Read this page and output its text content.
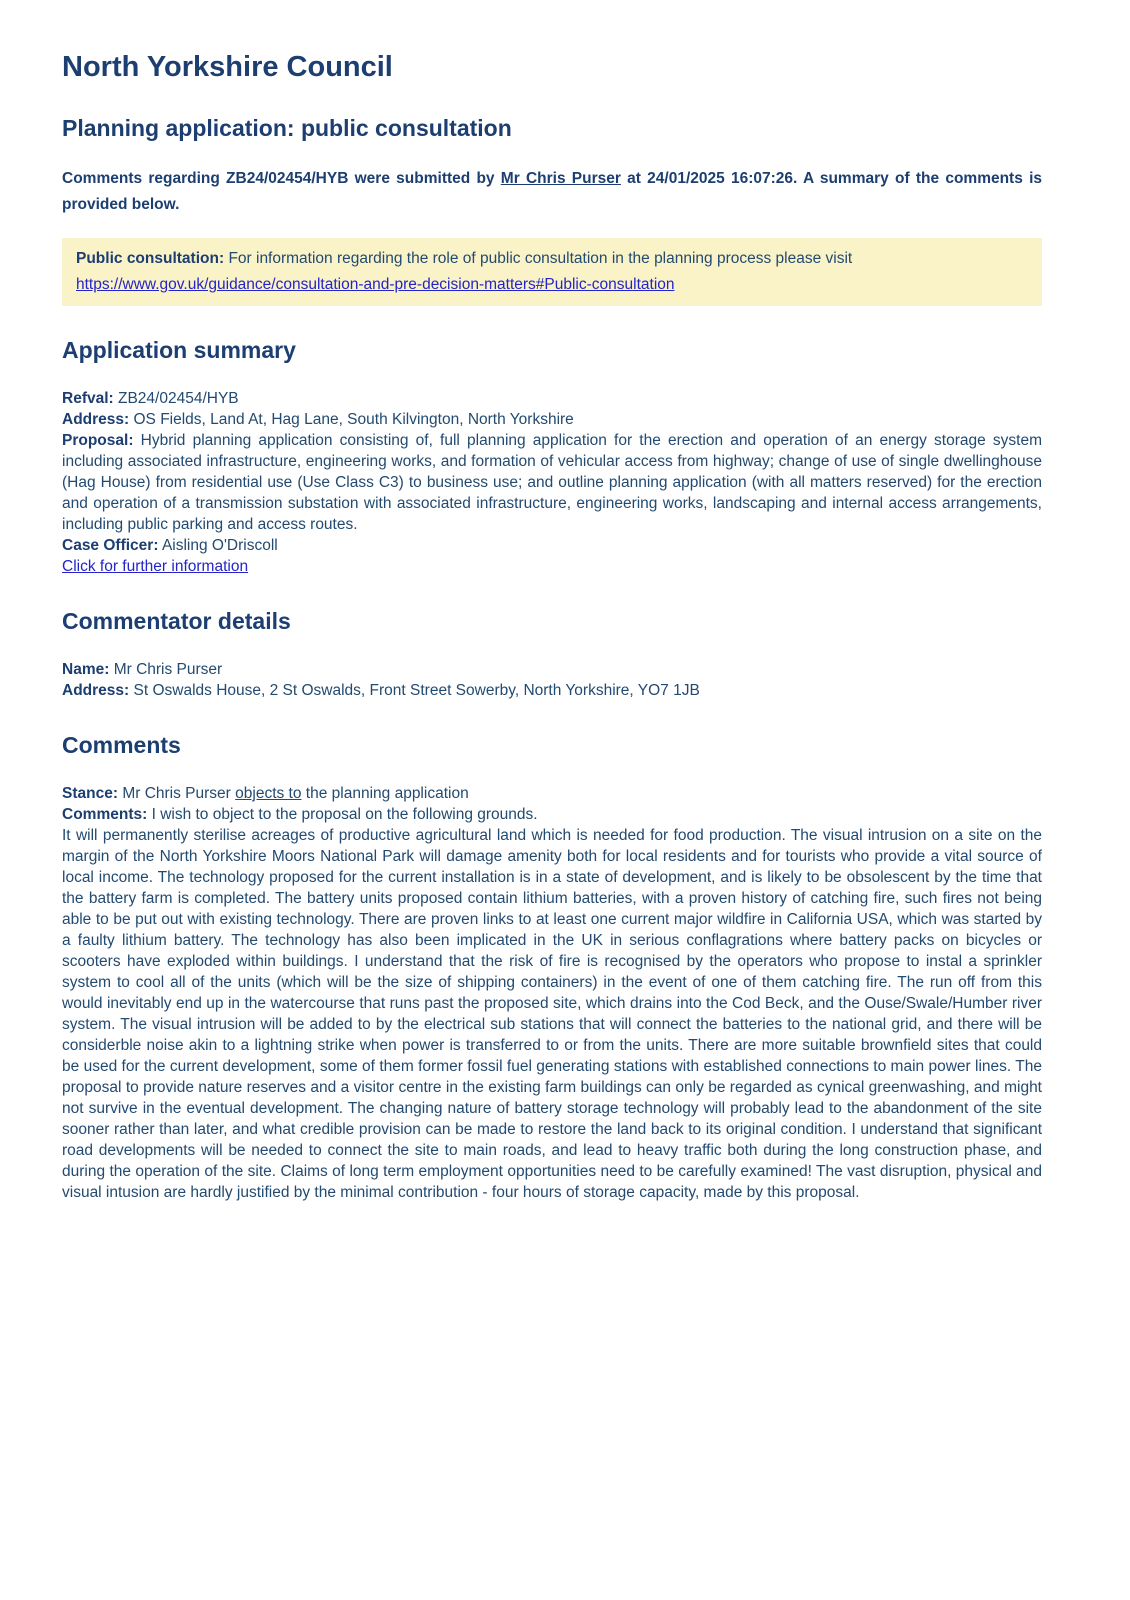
North Yorkshire Council
Planning application: public consultation

Comments regarding ZB24/02454/HYB were submitted by Mr Chris Purser at 24/01/2025 16:07:26. A summary of the comments is provided below.

Public consultation: For information regarding the role of public consultation in the planning process please visit https://www.gov.uk/guidance/consultation-and-pre-decision-matters#Public-consultation
Application summary

Refval: ZB24/02454/HYB

Address: OS Fields, Land At, Hag Lane, South Kilvington, North Yorkshire

Proposal: Hybrid planning application consisting of, full planning application for the erection and operation of an energy storage system including associated infrastructure, engineering works, and formation of vehicular access from highway; change of use of single dwellinghouse (Hag House) from residential use (Use Class C3) to business use; and outline planning application (with all matters reserved) for the erection and operation of a transmission substation with associated infrastructure, engineering works, landscaping and internal access arrangements, including public parking and access routes.

Case Officer: Aisling O'Driscoll

Click for further information

Commentator details

Name: Mr Chris Purser

Address: St Oswalds House, 2 St Oswalds, Front Street Sowerby, North Yorkshire, YO7 1JB

Comments

Stance: Mr Chris Purser objects to the planning application

Comments: I wish to object to the proposal on the following grounds.

It will permanently sterilise acreages of productive agricultural land which is needed for food production. The visual intrusion on a site on the margin of the North Yorkshire Moors National Park will damage amenity both for local residents and for tourists who provide a vital source of local income. The technology proposed for the current installation is in a state of development, and is likely to be obsolescent by the time that the battery farm is completed. The battery units proposed contain lithium batteries, with a proven history of catching fire, such fires not being able to be put out with existing technology. There are proven links to at least one current major wildfire in California USA, which was started by a faulty lithium battery. The technology has also been implicated in the UK in serious conflagrations where battery packs on bicycles or scooters have exploded within buildings. I understand that the risk of fire is recognised by the operators who propose to instal a sprinkler system to cool all of the units (which will be the size of shipping containers) in the event of one of them catching fire. The run off from this would inevitably end up in the watercourse that runs past the proposed site, which drains into the Cod Beck, and the Ouse/Swale/Humber river system. The visual intrusion will be added to by the electrical sub stations that will connect the batteries to the national grid, and there will be considerble noise akin to a lightning strike when power is transferred to or from the units. There are more suitable brownfield sites that could be used for the current development, some of them former fossil fuel generating stations with established connections to main power lines. The proposal to provide nature reserves and a visitor centre in the existing farm buildings can only be regarded as cynical greenwashing, and might not survive in the eventual development. The changing nature of battery storage technology will probably lead to the abandonment of the site sooner rather than later, and what credible provision can be made to restore the land back to its original condition. I understand that significant road developments will be needed to connect the site to main roads, and lead to heavy traffic both during the long construction phase, and during the operation of the site. Claims of long term employment opportunities need to be carefully examined! The vast disruption, physical and visual intusion are hardly justified by the minimal contribution - four hours of storage capacity, made by this proposal.
